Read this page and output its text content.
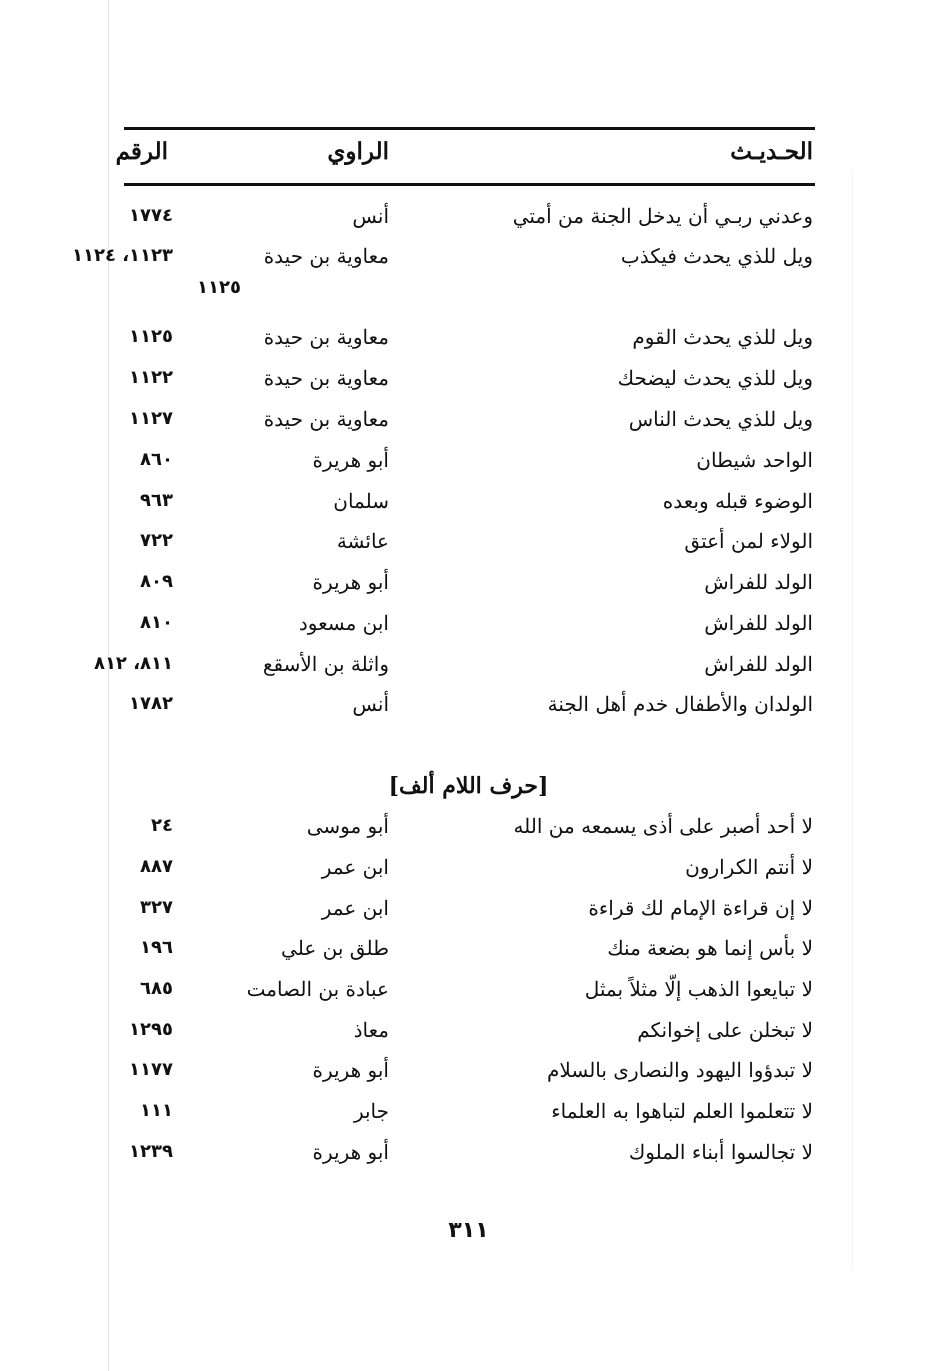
الحـديـث
الراوي
الرقم
وعدني ربـي أن يدخل الجنة من أمتي
أنس
١٧٧٤
ويل للذي يحدث فيكذب
معاوية بن حيدة
١١٢٣، ١١٢٤
١١٢٥
ويل للذي يحدث القوم
معاوية بن حيدة
١١٢٥
ويل للذي يحدث ليضحك
معاوية بن حيدة
١١٢٢
ويل للذي يحدث الناس
معاوية بن حيدة
١١٢٧
الواحد شيطان
أبو هريرة
٨٦٠
الوضوء قبله وبعده
سلمان
٩٦٣
الولاء لمن أعتق
عائشة
٧٢٢
الولد للفراش
أبو هريرة
٨٠٩
الولد للفراش
ابن مسعود
٨١٠
الولد للفراش
واثلة بن الأسقع
٨١١، ٨١٢
الولدان والأطفال خدم أهل الجنة
أنس
١٧٨٢
[حرف اللام ألف]
لا أحد أصبر على أذى يسمعه من الله
أبو موسى
٢٤
لا أنتم الكرارون
ابن عمر
٨٨٧
لا إن قراءة الإمام لك قراءة
ابن عمر
٣٢٧
لا بأس إنما هو بضعة منك
طلق بن علي
١٩٦
لا تبايعوا الذهب إلّا مثلاً بمثل
عبادة بن الصامت
٦٨٥
لا تبخلن على إخوانكم
معاذ
١٢٩٥
لا تبدؤوا اليهود والنصارى بالسلام
أبو هريرة
١١٧٧
لا تتعلموا العلم لتباهوا به العلماء
جابر
١١١
لا تجالسوا أبناء الملوك
أبو هريرة
١٢٣٩
٣١١
